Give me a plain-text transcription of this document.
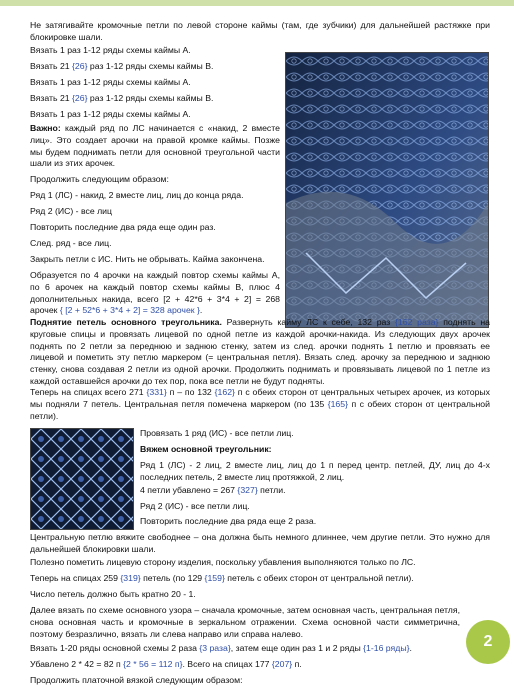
Не затягивайте кромочные петли по левой стороне каймы (там, где зубчики) для дальнейшей растяжке при блокировке шали.

Вязать 1 раз 1-12 ряды схемы каймы А.

Вязать 21 {26} раз 1-12 ряды схемы каймы В.

Вязать 1 раз 1-12 ряды схемы каймы А.

Вязать 21 {26} раз 1-12 ряды схемы каймы В.

Вязать 1 раз 1-12 ряды схемы каймы А.

Важно: каждый ряд по ЛС начинается с «накид, 2 вместе лиц». Это создает арочки на правой кромке каймы. Позже мы будем поднимать петли для основной треугольной части шали из этих арочек.

Продолжить следующим образом:

Ряд 1 (ЛС) - накид, 2 вместе лиц, лиц до конца ряда.

Ряд 2 (ИС) - все лиц

Повторить последние два ряда еще один раз.

След. ряд - все лиц.

Закрыть петли с ИС. Нить не обрывать. Кайма закончена.

Образуется по 4 арочки на каждый повтор схемы каймы А, по 6 арочек на каждый повтор схемы каймы В, плюс 4 дополнительных накида, всего [2 + 42*6 + 3*4 + 2] = 268 арочек { [2 + 52*6 + 3*4 + 2] = 328 арочек }.

Поднятие петель основного треугольника. Развернуть кайму ЛС к себе, 132 раз {162 раза} поднять на круговые спицы и провязать лицевой по одной петле из каждой арочки-накида. Из следующих двух арочек поднять по 2 петли за переднюю и заднюю стенку, затем из след. арочки поднять 1 петлю и провязать ее лицевой и пометить эту петлю маркером (= центральная петля). Вязать след. арочку за переднюю и заднюю стенку, снова создавая 2 петли из одной арочки. Продолжить поднимать и провязывать лицевой по 1 петле из каждой оставшейся арочки до тех пор, пока все петли не будут подняты.

Теперь на спицах всего 271 {331} п – по 132 {162} п с обеих сторон от центральных четырех арочек, из которых мы подняли 7 петель. Центральная петля помечена маркером (по 135 {165} п с обеих сторон от центральной петли).

Провязать 1 ряд (ИС) - все петли лиц.

Вяжем основной треугольник:

Ряд 1 (ЛС) - 2 лиц, 2 вместе лиц, лиц до 1 п перед центр. петлей, ДУ, лиц до 4-х последних петель, 2 вместе лиц протяжкой, 2 лиц.

4 петли убавлено = 267 {327} петли.

Ряд 2 (ИС) - все петли лиц.

Повторить последние два ряда еще 2 раза.

Центральную петлю вяжите свободнее – она должна быть немного длиннее, чем другие петли. Это нужно для дальнейшей блокировки шали.

Полезно пометить лицевую сторону изделия, поскольку убавления выполняются только по ЛС.

Теперь на спицах 259 {319} петель (по 129 {159} петель с обеих сторон от центральной петли).

Число петель должно быть кратно 20 - 1.

Далее вязать по схеме основного узора – сначала кромочные, затем основная часть, центральная петля, снова основная часть и кромочные в зеркальном отражении. Схема основной части симметрична, поэтому безразлично, вязать ли слева направо или справа налево.

Вязать 1-20 ряды основной схемы 2 раза {3 раза}, затем еще один раз 1 и 2 ряды {1-16 ряды}.

Убавлено 2 * 42 = 82 п {2 * 56 = 112 п}. Всего на спицах 177 {207} п.

Продолжить платочной вязкой следующим образом:

2
